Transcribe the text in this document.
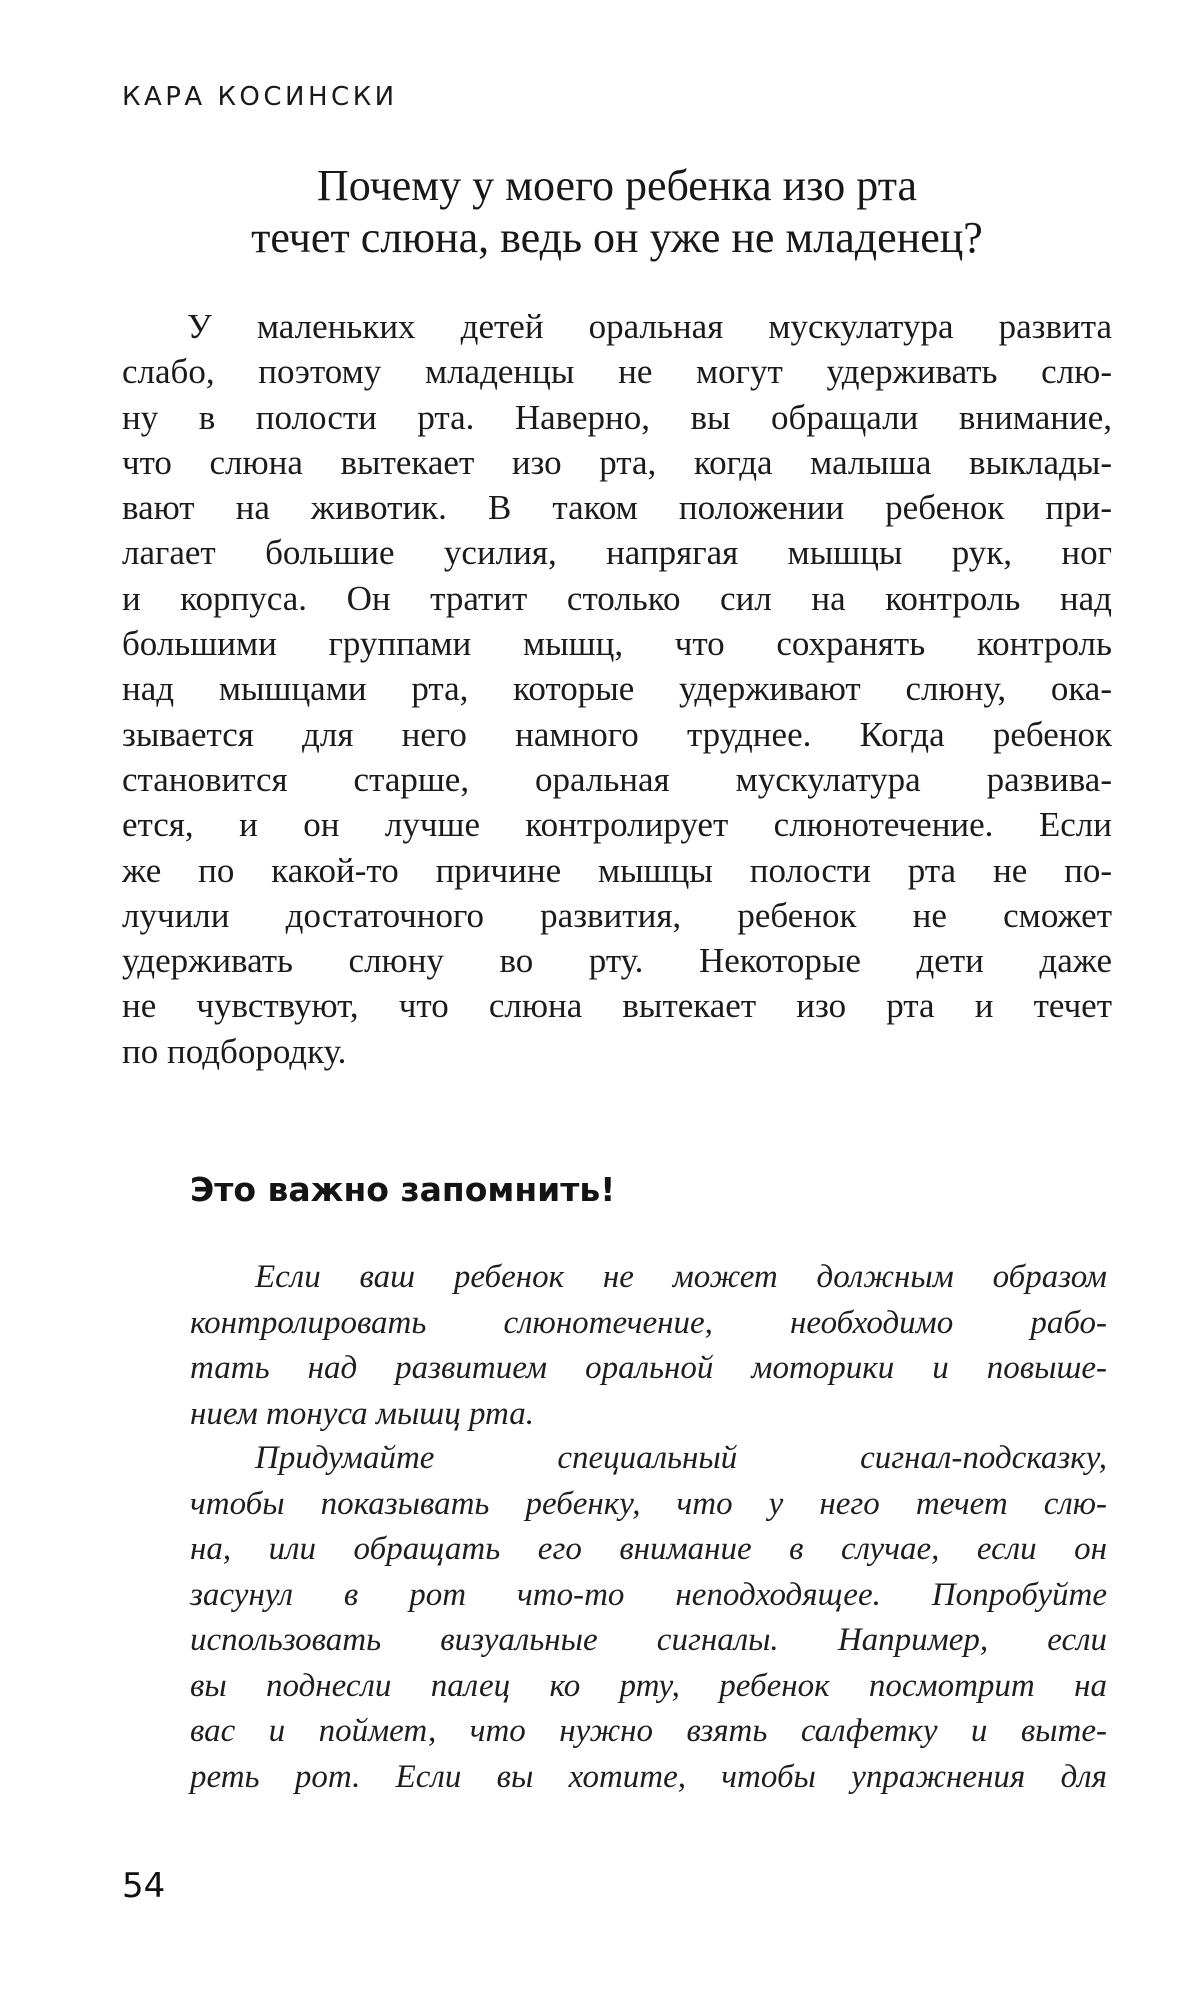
КАРА КОСИНСКИ
Почему у моего ребенка изо рта
течет слюна, ведь он уже не младенец?
У маленьких детей оральная мускулатура развита
слабо, поэтому младенцы не могут удерживать слю-
ну в полости рта. Наверно, вы обращали внимание,
что слюна вытекает изо рта, когда малыша выклады-
вают на животик. В таком положении ребенок при-
лагает большие усилия, напрягая мышцы рук, ног
и корпуса. Он тратит столько сил на контроль над
большими группами мышц, что сохранять контроль
над мышцами рта, которые удерживают слюну, ока-
зывается для него намного труднее. Когда ребенок
становится старше, оральная мускулатура развива-
ется, и он лучше контролирует слюнотечение. Если
же по какой-то причине мышцы полости рта не по-
лучили достаточного развития, ребенок не сможет
удерживать слюну во рту. Некоторые дети даже
не чувствуют, что слюна вытекает изо рта и течет
по подбородку.
Это важно запомнить!
Если ваш ребенок не может должным образом
контролировать слюнотечение, необходимо рабо-
тать над развитием оральной моторики и повыше-
нием тонуса мышц рта.
Придумайте специальный сигнал-подсказку,
чтобы показывать ребенку, что у него течет слю-
на, или обращать его внимание в случае, если он
засунул в рот что-то неподходящее. Попробуйте
использовать визуальные сигналы. Например, если
вы поднесли палец ко рту, ребенок посмотрит на
вас и поймет, что нужно взять салфетку и выте-
реть рот. Если вы хотите, чтобы упражнения для
54
